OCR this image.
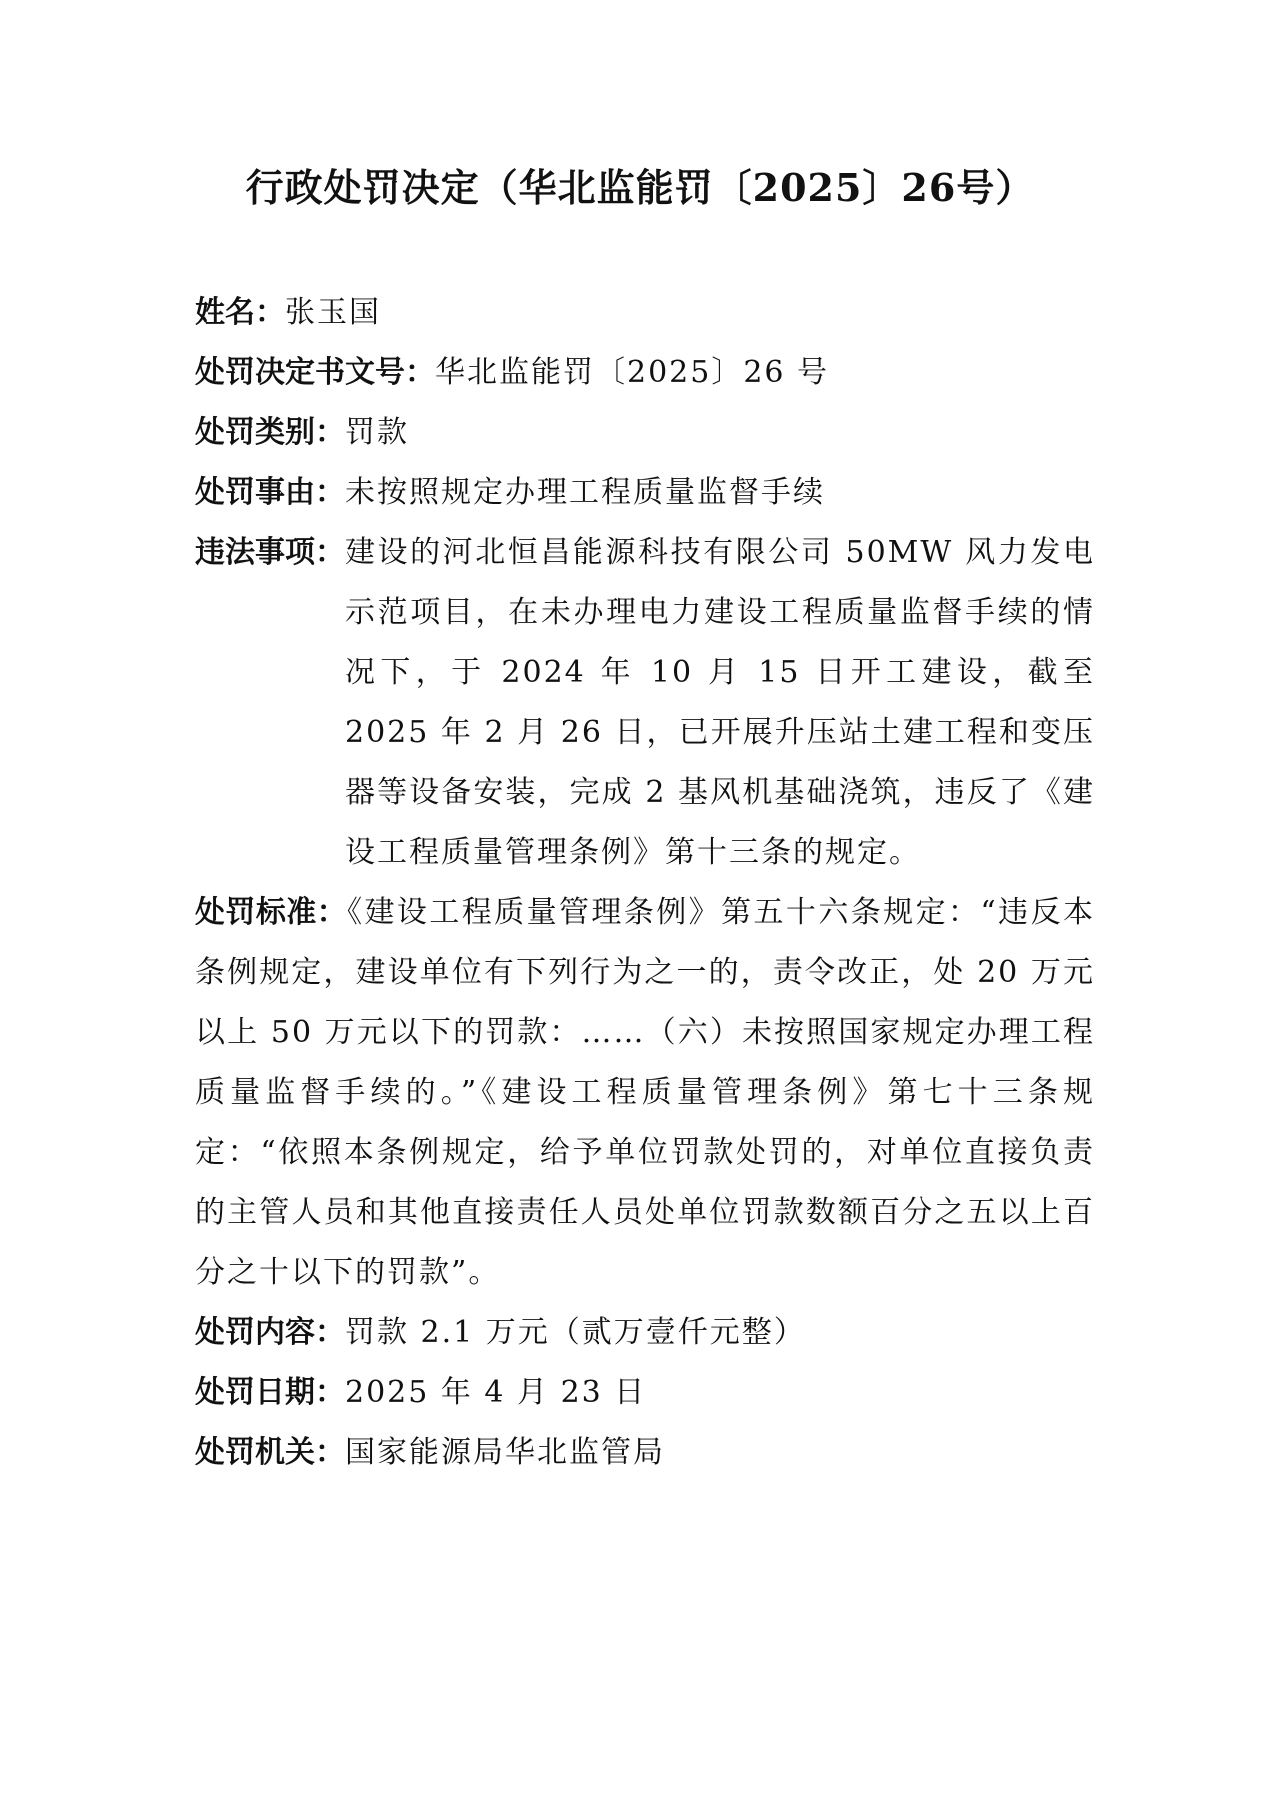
行政处罚决定（华北监能罚〔2025〕26号）
姓名： 张玉国
处罚决定书文号： 华北监能罚〔2025〕26 号
处罚类别： 罚款
处罚事由： 未按照规定办理工程质量监督手续
违法事项： 建设的河北恒昌能源科技有限公司 50MW 风力发电示范项目，在未办理电力建设工程质量监督手续的情况下，于 2024 年 10 月 15 日开工建设，截至 2025 年 2 月 26 日，已开展升压站土建工程和变压器等设备安装，完成 2 基风机基础浇筑，违反了《建设工程质量管理条例》第十三条的规定。
处罚标准：《建设工程质量管理条例》第五十六条规定：“违反本条例规定，建设单位有下列行为之一的，责令改正，处 20 万元以上 50 万元以下的罚款：……（六）未按照国家规定办理工程质量监督手续的。”《建设工程质量管理条例》第七十三条规定：“依照本条例规定，给予单位罚款处罚的，对单位直接负责的主管人员和其他直接责任人员处单位罚款数额百分之五以上百分之十以下的罚款”。
处罚内容： 罚款 2.1 万元（贰万壹仟元整）
处罚日期： 2025 年 4 月 23 日
处罚机关： 国家能源局华北监管局
